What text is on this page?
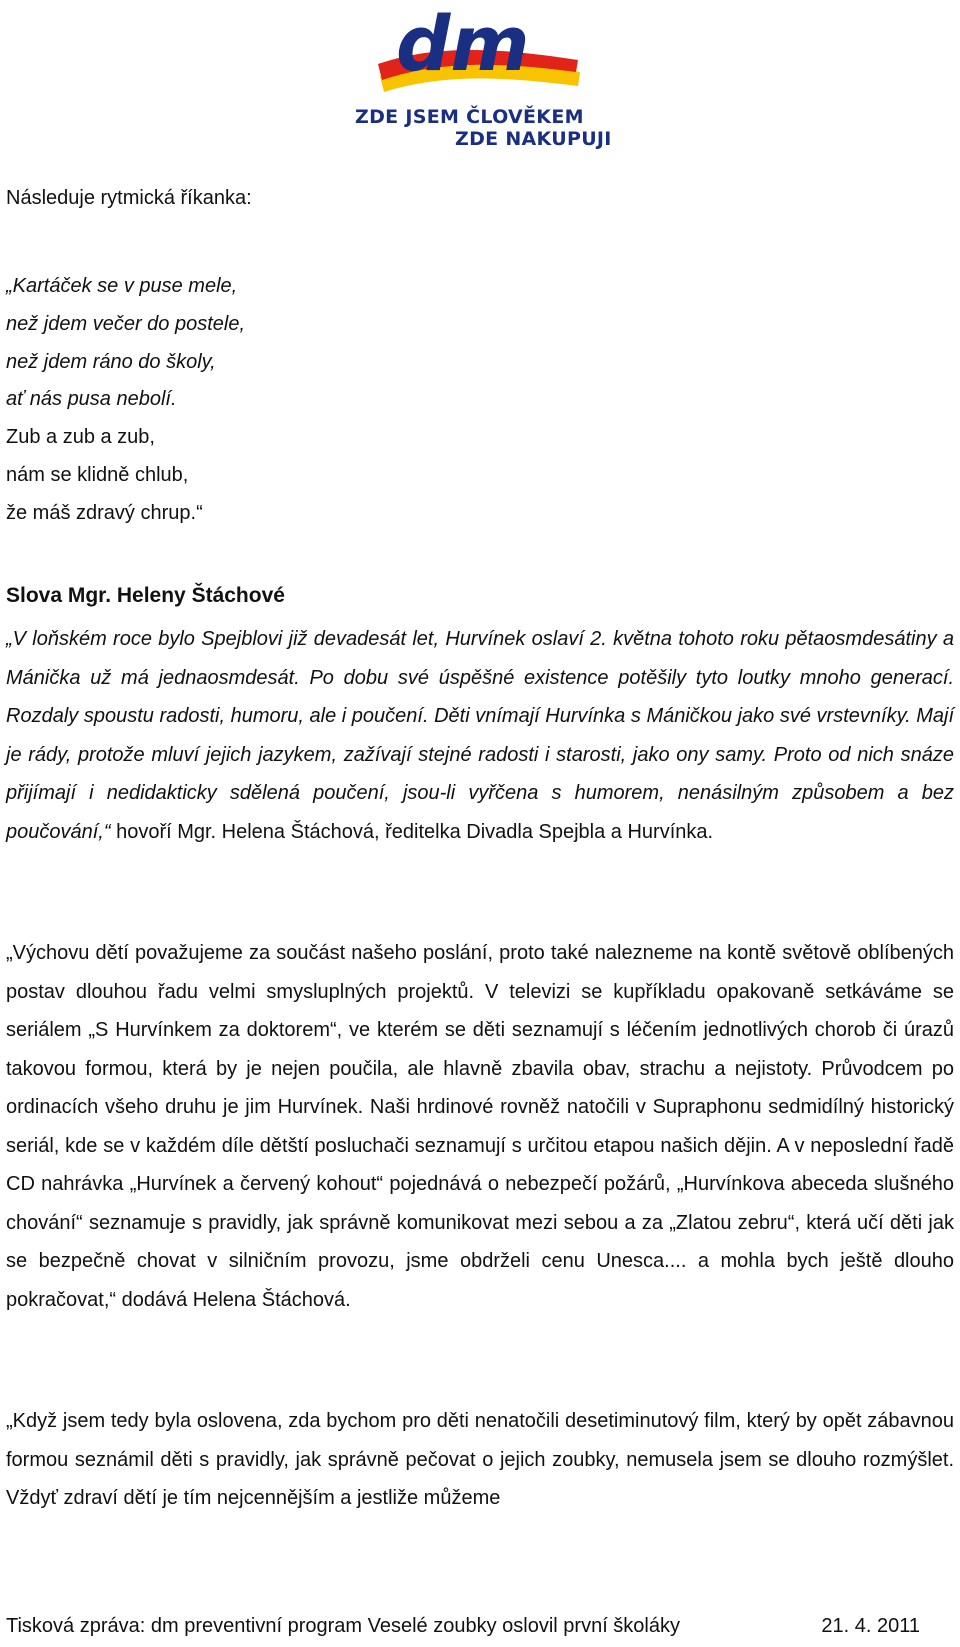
dm
ZDE JSEM ČLOVĚKEM
ZDE NAKUPUJI
Následuje rytmická říkanka:
„Kartáček se v puse mele,
než jdem večer do postele,
než jdem ráno do školy,
ať nás pusa nebolí.
Zub a zub a zub,
nám se klidně chlub,
že máš zdravý chrup.“
Slova Mgr. Heleny Štáchové
„V loňském roce bylo Spejblovi již devadesát let, Hurvínek oslaví 2. května tohoto roku pětaosmdesátiny a Mánička už má jednaosmdesát. Po dobu své úspěšné existence potěšily tyto loutky mnoho generací. Rozdaly spoustu radosti, humoru, ale i poučení. Děti vnímají Hurvínka s Máničkou jako své vrstevníky. Mají je rády, protože mluví jejich jazykem, zažívají stejné radosti i starosti, jako ony samy. Proto od nich snáze přijímají i nedidakticky sdělená poučení, jsou-li vyřčena s humorem, nenásilným způsobem a bez poučování,“ hovoří Mgr. Helena Štáchová, ředitelka Divadla Spejbla a Hurvínka.
„Výchovu dětí považujeme za součást našeho poslání, proto také nalezneme na kontě světově oblíbených postav dlouhou řadu velmi smysluplných projektů. V televizi se kupříkladu opakovaně setkáváme se seriálem „S Hurvínkem za doktorem“, ve kterém se děti seznamují s léčením jednotlivých chorob či úrazů takovou formou, která by je nejen poučila, ale hlavně zbavila obav, strachu a nejistoty. Průvodcem po ordinacích všeho druhu je jim Hurvínek. Naši hrdinové rovněž natočili v Supraphonu sedmidílný historický seriál, kde se v každém díle dětští posluchači seznamují s určitou etapou našich dějin. A v neposlední řadě CD nahrávka „Hurvínek a červený kohout“ pojednává o nebezpečí požárů, „Hurvínkova abeceda slušného chování“ seznamuje s pravidly, jak správně komunikovat mezi sebou a za „Zlatou zebru“, která učí děti jak se bezpečně chovat v silničním provozu, jsme obdrželi cenu Unesca.... a mohla bych ještě dlouho pokračovat,“ dodává Helena Štáchová.
„Když jsem tedy byla oslovena, zda bychom pro děti nenatočili desetiminutový film, který by opět zábavnou formou seznámil děti s pravidly, jak správně pečovat o jejich zoubky, nemusela jsem se dlouho rozmýšlet. Vždyť zdraví dětí je tím nejcennějším a jestliže můžeme
Tisková zpráva: dm preventivní program Veselé zoubky oslovil první školáky	21. 4. 2011
